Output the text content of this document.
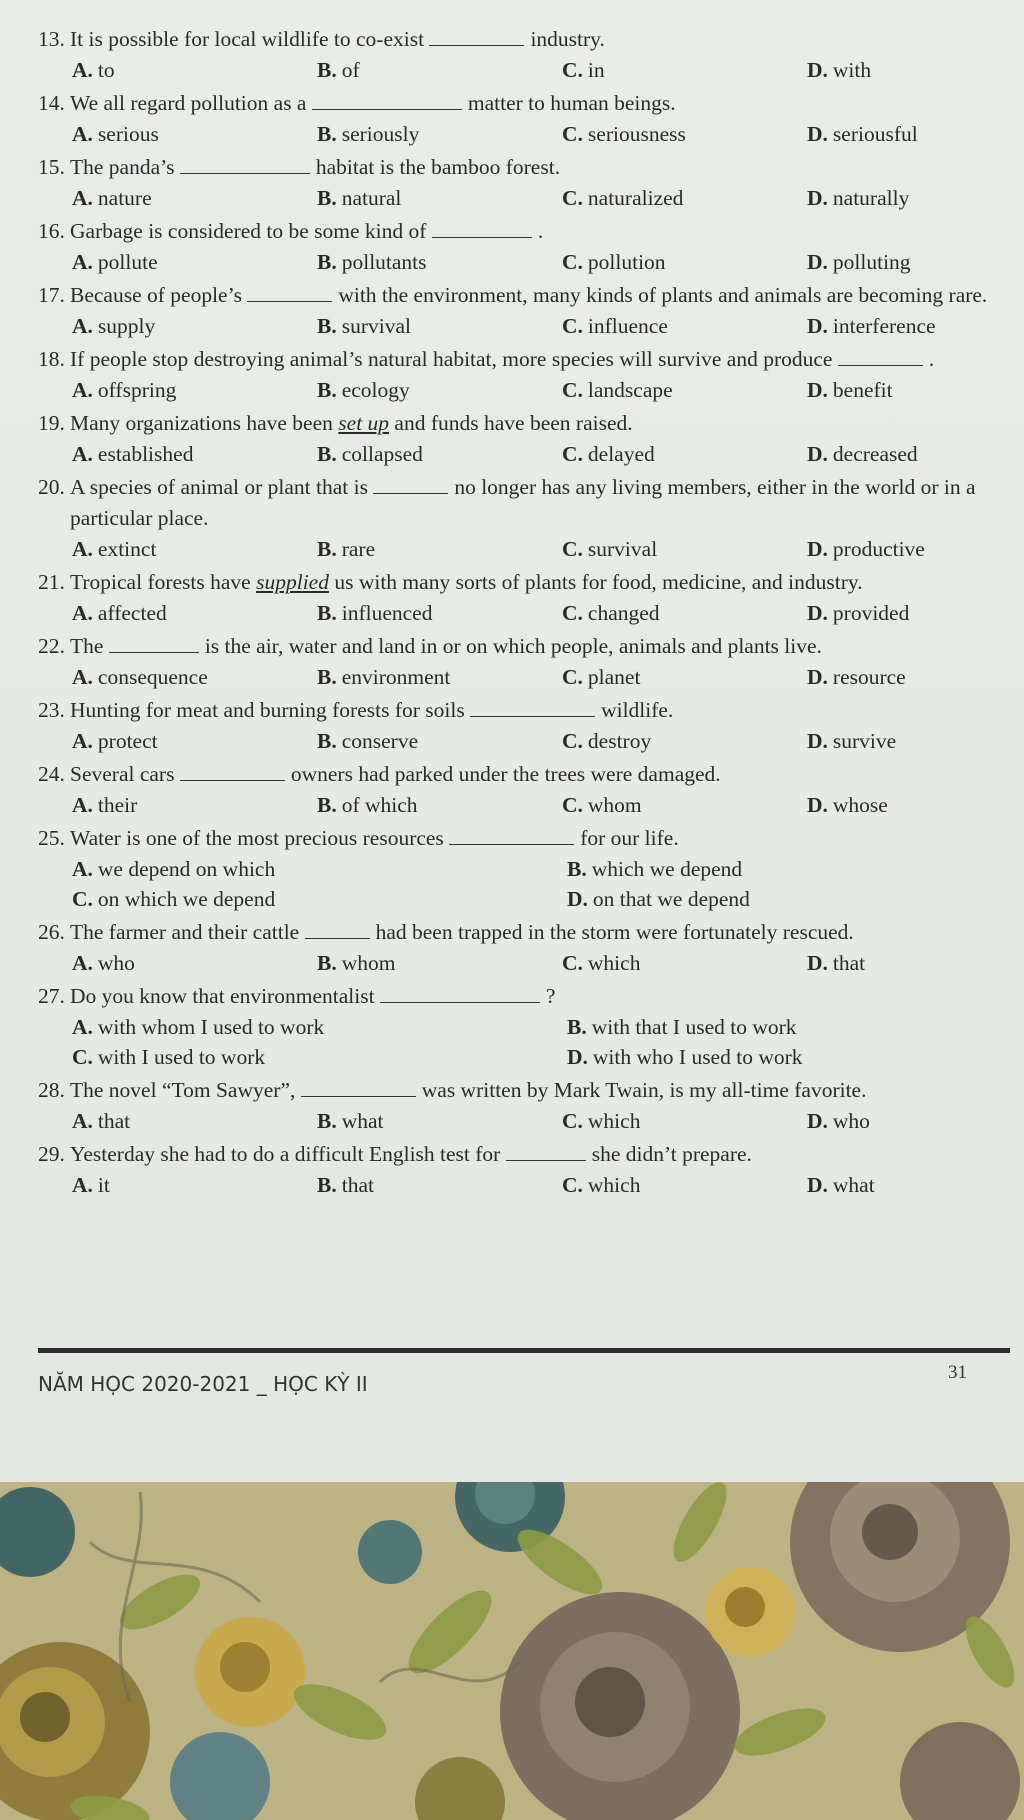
13. It is possible for local wildlife to co-exist	industry.
A. to	B. of	C. in	D. with
14. We all regard pollution as a	matter to human beings.
A. serious	B. seriously	C. seriousness	D. seriousful
15. The panda’s	habitat is the bamboo forest.
A. nature	B. natural	C. naturalized	D. naturally
16. Garbage is considered to be some kind of	.
A. pollute	B. pollutants	C. pollution	D. polluting
17. Because of people’s	with the environment, many kinds of plants and animals are becoming rare.
A. supply	B. survival	C. influence	D. interference
18. If people stop destroying animal’s natural habitat, more species will survive and produce	.
A. offspring	B. ecology	C. landscape	D. benefit
19. Many organizations have been set up and funds have been raised.
A. established	B. collapsed	C. delayed	D. decreased
20. A species of animal or plant that is	no longer has any living members, either in the world or in a particular place.
A. extinct	B. rare	C. survival	D. productive
21. Tropical forests have supplied us with many sorts of plants for food, medicine, and industry.
A. affected	B. influenced	C. changed	D. provided
22. The	is the air, water and land in or on which people, animals and plants live.
A. consequence	B. environment	C. planet	D. resource
23. Hunting for meat and burning forests for soils	wildlife.
A. protect	B. conserve	C. destroy	D. survive
24. Several cars	owners had parked under the trees were damaged.
A. their	B. of which	C. whom	D. whose
25. Water is one of the most precious resources	for our life.
A. we depend on which	B. which we depend
C. on which we depend	D. on that we depend
26. The farmer and their cattle	had been trapped in the storm were fortunately rescued.
A. who	B. whom	C. which	D. that
27. Do you know that environmentalist	?
A. with whom I used to work	B. with that I used to work
C. with I used to work	D. with who I used to work
28. The novel “Tom Sawyer”,	was written by Mark Twain, is my all-time favorite.
A. that	B. what	C. which	D. who
29. Yesterday she had to do a difficult English test for	she didn’t prepare.
A. it	B. that	C. which	D. what
NĂM HỌC 2020-2021 _ HỌC KỲ II	31
